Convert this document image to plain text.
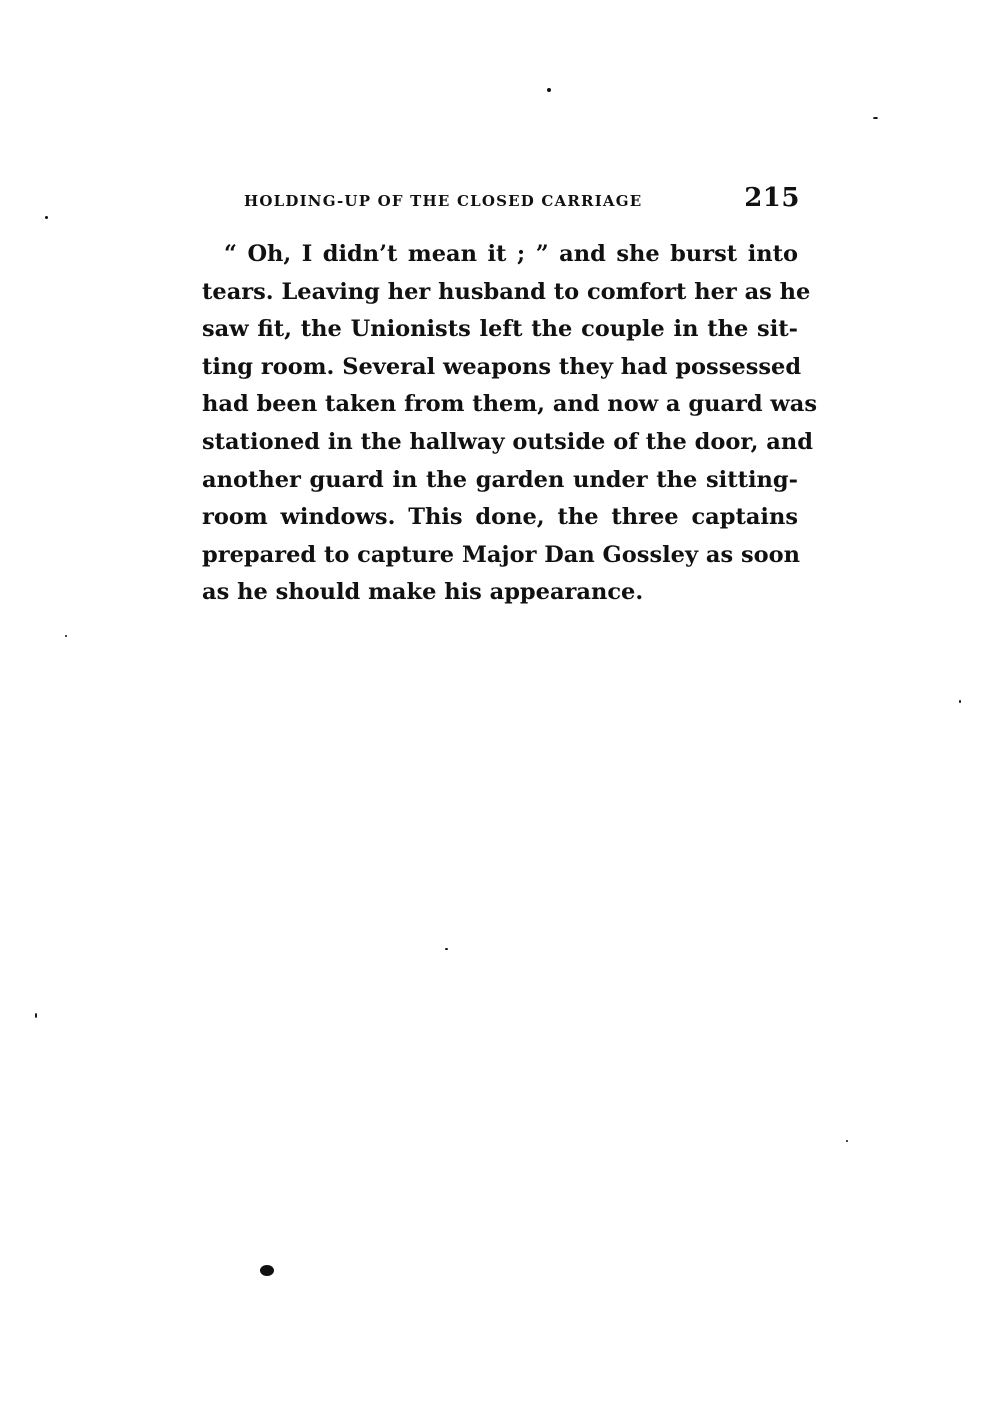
HOLDING-UP OF THE CLOSED CARRIAGE	215
“ Oh, I didn’t mean it ; ” and she burst into
tears. Leaving her husband to comfort her as he
saw fit, the Unionists left the couple in the sit-
ting room. Several weapons they had possessed
had been taken from them, and now a guard was
stationed in the hallway outside of the door, and
another guard in the garden under the sitting-
room windows. This done, the three captains
prepared to capture Major Dan Gossley as soon
as he should make his appearance.
